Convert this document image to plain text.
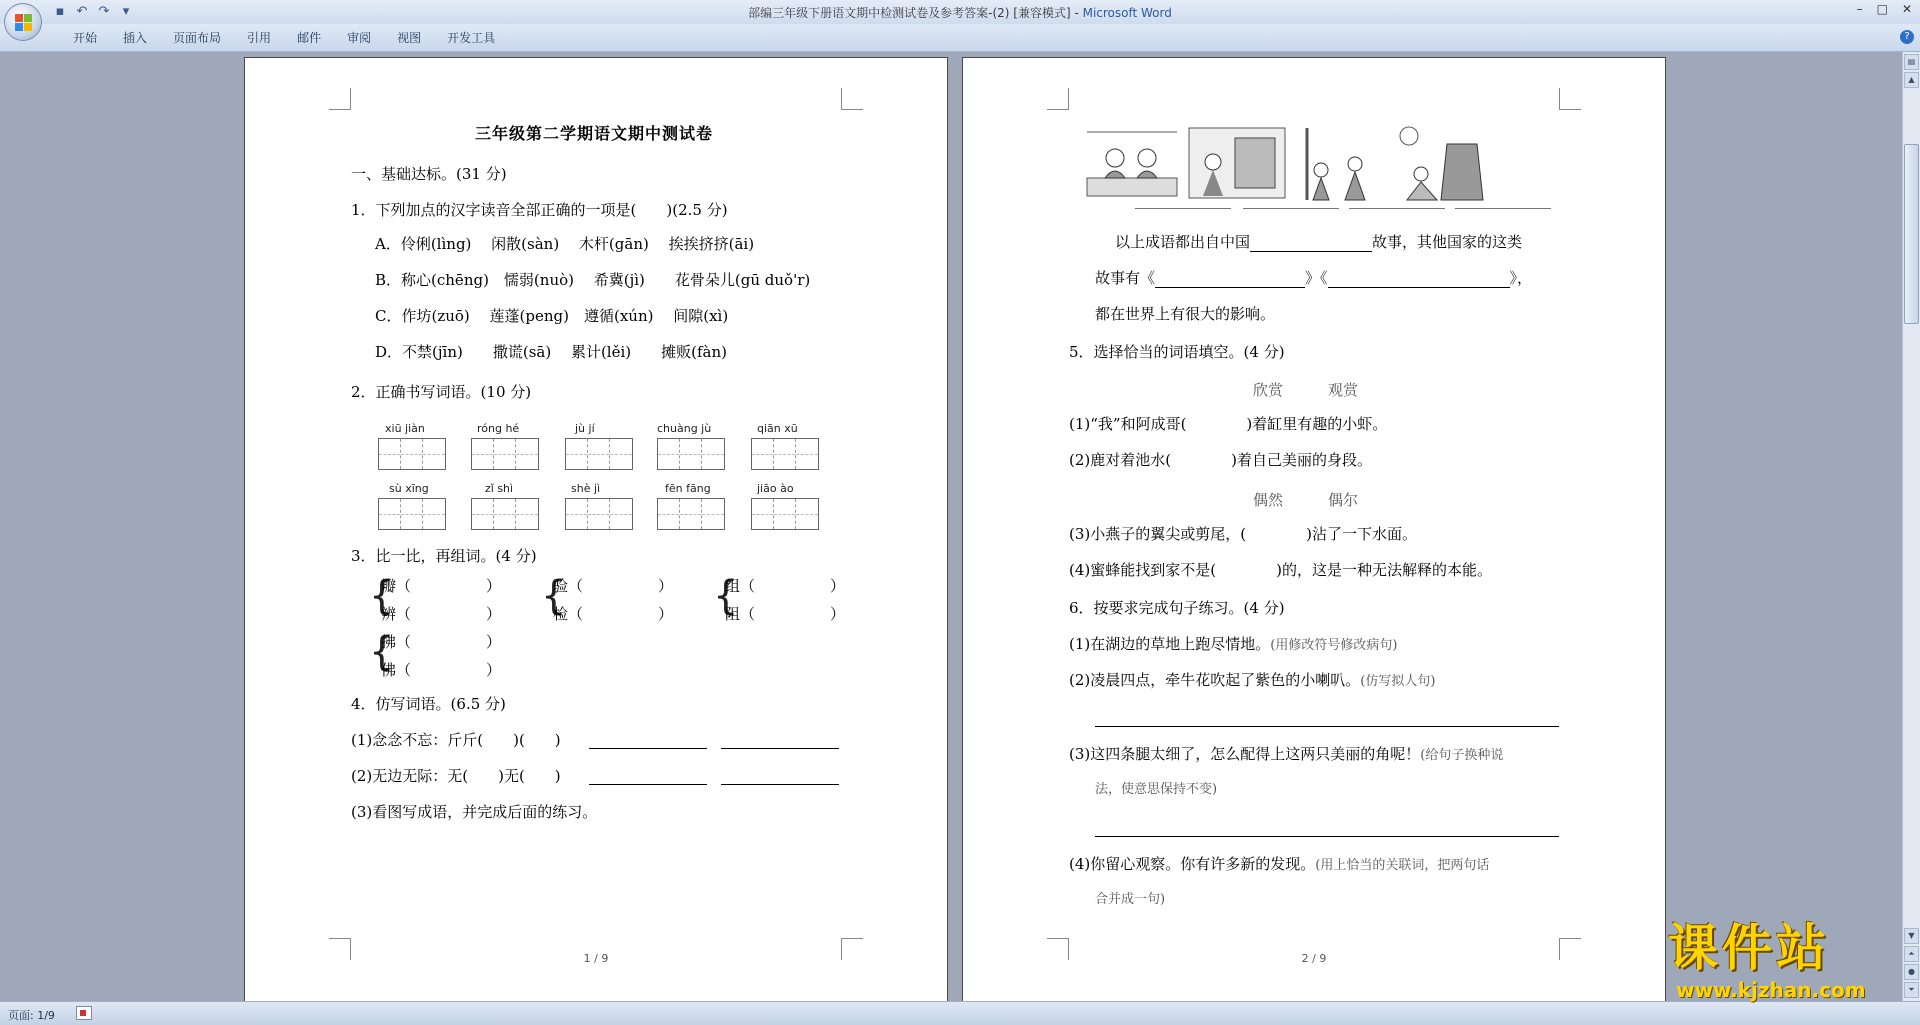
▪ ↶ ↷	▾	部编三年级下册语文期中检测试卷及参考答案-(2) [兼容模式] - Microsoft Word	– □ ✕
开始	插入	页面布局	引用	邮件	审阅	视图	开发工具	?
三年级第二学期语文期中测试卷
一、基础达标。(31 分)
1．下列加点的汉字读音全部正确的一项是(　　)(2.5 分)
A．伶俐(lìng)　 闲散(sàn)　 木杆(gān)　 挨挨挤挤(āi)
B．称心(chēng)　懦弱(nuò)　 希冀(jì)　　花骨朵儿(gū duǒ'r)
C．作坊(zuō)　 莲蓬(peng)　遵循(xún)　 间隙(xì)
D．不禁(jīn)　　撒谎(sā)　 累计(lěi)　　摊贩(fàn)
2．正确书写词语。(10 分)
xiū jiàn	róng hé	jù jí	chuàng jù	qiān xū
sù xīng	zǐ shì	shè jì	fēn fāng	jiāo ào
3．比一比，再组词。(4 分)
{
瓣（　　　　　）
辨（　　　　　） {
验（　　　　　）
检（　　　　　） {
组（　　　　　）
阻（　　　　　）
{
拂（　　　　　）
佛（　　　　　）
4．仿写词语。(6.5 分)
(1)念念不忘：斤斤(　　)(　　)
(2)无边无际：无(　　)无(　　)
(3)看图写成语，并完成后面的练习。
1 / 9
以上成语都出自中国	故事，其他国家的这类
故事有《	》《	》，
都在世界上有很大的影响。
5．选择恰当的词语填空。(4 分)
欣赏　　　观赏
(1)“我”和阿成哥(　　　　)着缸里有趣的小虾。
(2)鹿对着池水(　　　　)着自己美丽的身段。
偶然　　　偶尔
(3)小燕子的翼尖或剪尾，(　　　　)沾了一下水面。
(4)蜜蜂能找到家不是(　　　　)的，这是一种无法解释的本能。
6．按要求完成句子练习。(4 分)
(1)在湖边的草地上跑尽情地。(用修改符号修改病句)
(2)凌晨四点，牵牛花吹起了紫色的小喇叭。(仿写拟人句)
(3)这四条腿太细了，怎么配得上这两只美丽的角呢！(给句子换种说
法，使意思保持不变)
(4)你留心观察。你有许多新的发现。(用上恰当的关联词，把两句话
合并成一句)
2 / 9
▤
▲
▼
⏶
●
⏷
页面: 1/9
课件站
www.kjzhan.com
